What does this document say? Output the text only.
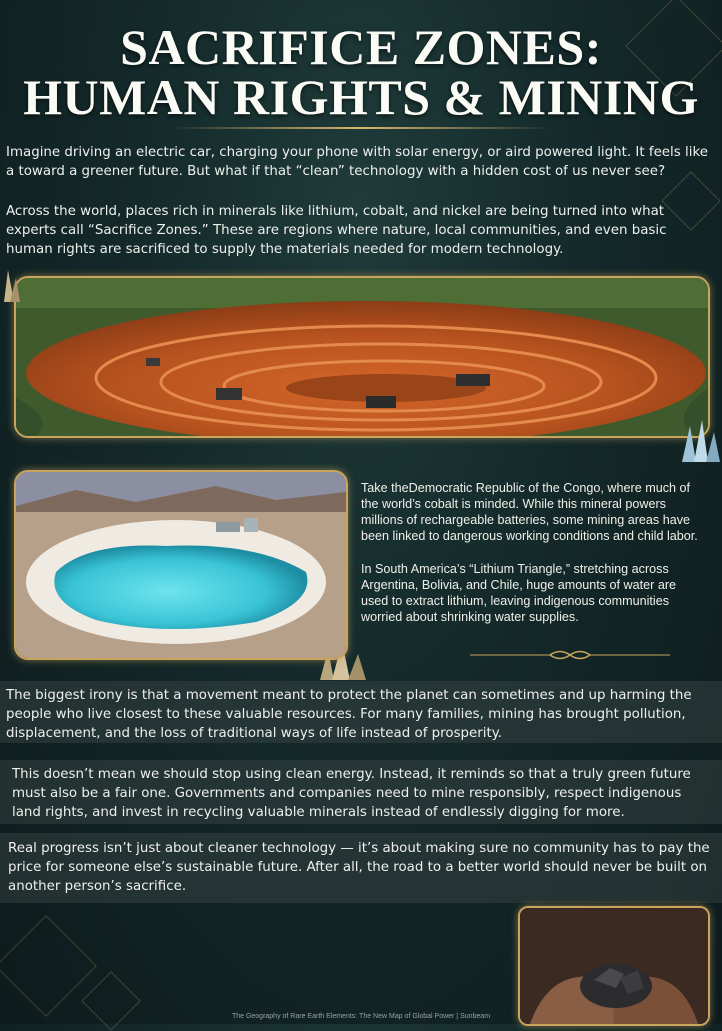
SACRIFICE ZONES:
HUMAN RIGHTS & MINING
Imagine driving an electric car, charging your phone with solar energy, or aird powered light. It feels like a toward a greener future. But what if that “clean” technology with a hidden cost of us never see?
Across the world, places rich in minerals like lithium, cobalt, and nickel are being turned into what experts call “Sacrifice Zones.” These are regions where nature, local communities, and even basic human rights are sacrificed to supply the materials needed for modern technology.
Take theDemocratic Republic of the Congo, where much of the world’s cobalt is minded. While this mineral powers millions of rechargeable batteries, some mining areas have been linked to dangerous working conditions and child labor.
In South America’s “Lithium Triangle,” stretching across Argentina, Bolivia, and Chile, huge amounts of water are used to extract lithium, leaving indigenous communities worried about shrinking water supplies.
The biggest irony is that a movement meant to protect the planet can sometimes and up harming the people who live closest to these valuable resources. For many families, mining has brought pollution, displacement, and the loss of traditional ways of life instead of prosperity.
This doesn’t mean we should stop using clean energy. Instead, it reminds so that a truly green future must also be a fair one. Governments and companies need to mine responsibly, respect indigenous land rights, and invest in recycling valuable minerals instead of endlessly digging for more.
Real progress isn’t just about cleaner technology — it’s about making sure no community has to pay the price for someone else’s sustainable future. After all, the road to a better world should never be built on another person’s sacrifice.
The Geography of Rare Earth Elements: The New Map of Global Power | Sunbeam
